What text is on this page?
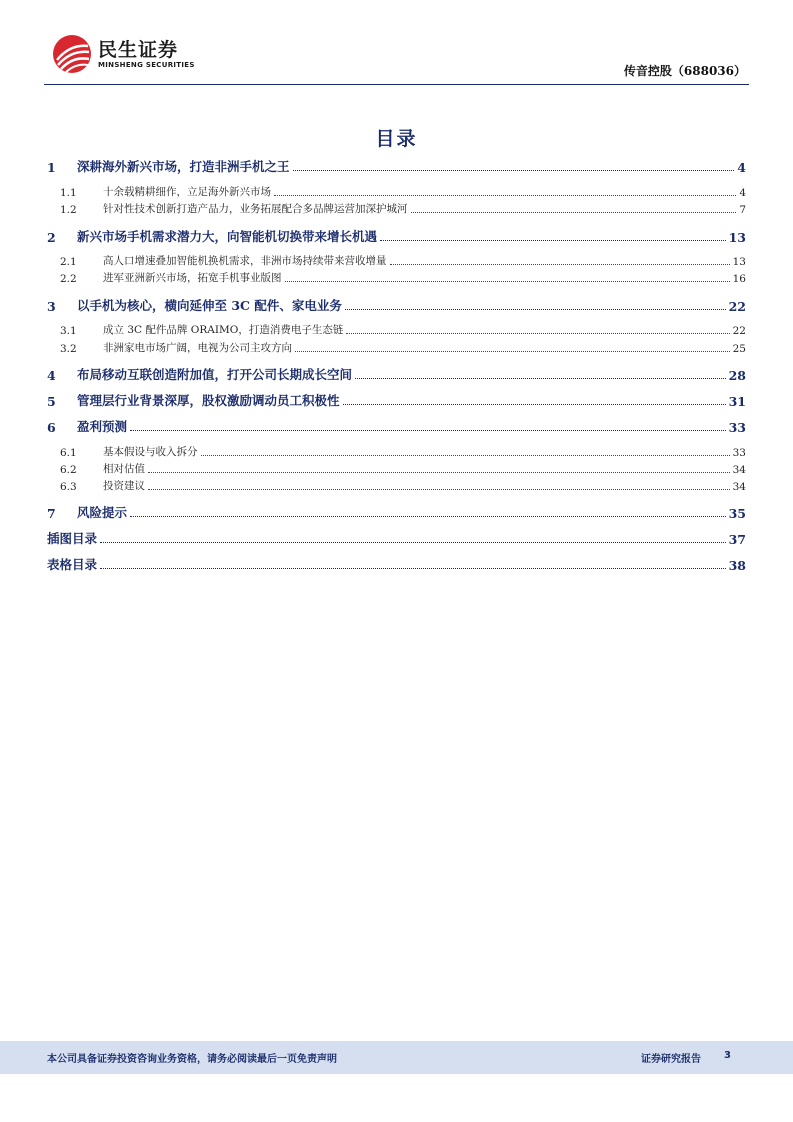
民生证券
MINSHENG SECURITIES	传音控股（688036）
目录
1	深耕海外新兴市场，打造非洲手机之王	4
1.1	十余载精耕细作，立足海外新兴市场	4
1.2	针对性技术创新打造产品力，业务拓展配合多品牌运营加深护城河	7
2	新兴市场手机需求潜力大，向智能机切换带来增长机遇	13
2.1	高人口增速叠加智能机换机需求，非洲市场持续带来营收增量	13
2.2	进军亚洲新兴市场，拓宽手机事业版图	16
3	以手机为核心，横向延伸至 3C 配件、家电业务	22
3.1	成立 3C 配件品牌 ORAIMO，打造消费电子生态链	22
3.2	非洲家电市场广阔，电视为公司主攻方向	25
4	布局移动互联创造附加值，打开公司长期成长空间	28
5	管理层行业背景深厚，股权激励调动员工积极性	31
6	盈利预测	33
6.1	基本假设与收入拆分	33
6.2	相对估值	34
6.3	投资建议	34
7	风险提示	35
插图目录	37
表格目录	38
本公司具备证券投资咨询业务资格，请务必阅读最后一页免责声明	证券研究报告 3
